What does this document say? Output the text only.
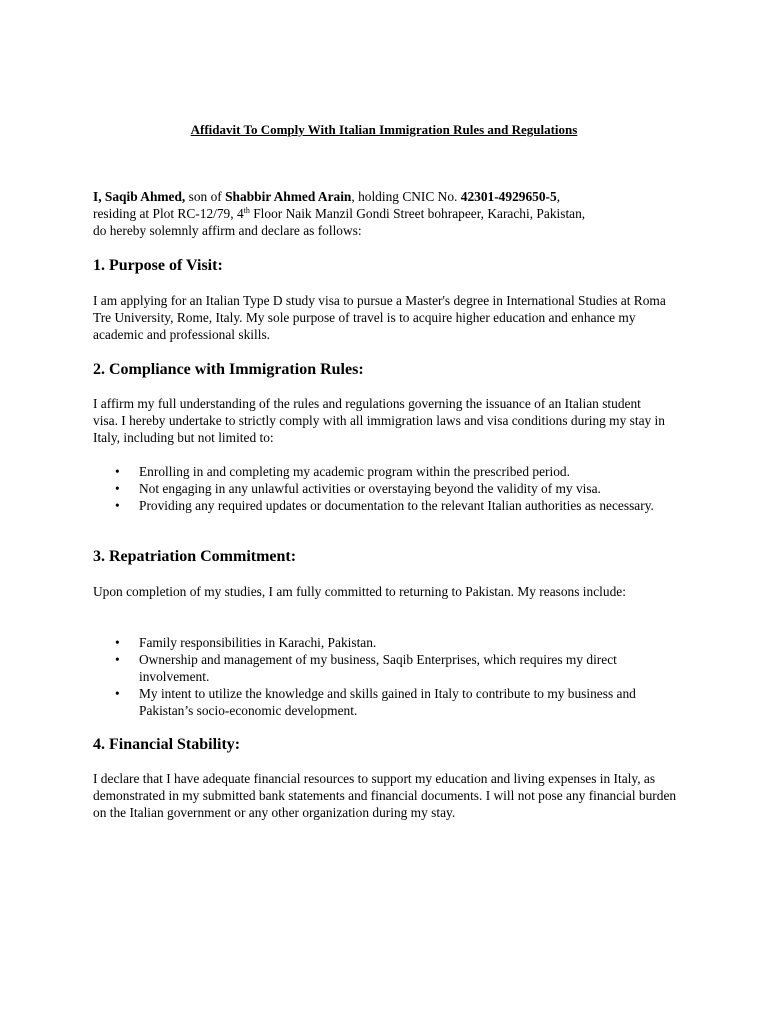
Affidavit To Comply With Italian Immigration Rules and Regulations
I, Saqib Ahmed, son of Shabbir Ahmed Arain, holding CNIC No. 42301-4929650-5,
residing at Plot RC-12/79, 4th Floor Naik Manzil Gondi Street bohrapeer, Karachi, Pakistan,
do hereby solemnly affirm and declare as follows:
1. Purpose of Visit:

I am applying for an Italian Type D study visa to pursue a Master's degree in International Studies at Roma Tre University, Rome, Italy. My sole purpose of travel is to acquire higher education and enhance my academic and professional skills.

2. Compliance with Immigration Rules:

I affirm my full understanding of the rules and regulations governing the issuance of an Italian student visa. I hereby undertake to strictly comply with all immigration laws and visa conditions during my stay in Italy, including but not limited to:

• Enrolling in and completing my academic program within the prescribed period.
• Not engaging in any unlawful activities or overstaying beyond the validity of my visa.
• Providing any required updates or documentation to the relevant Italian authorities as necessary.
3. Repatriation Commitment:

Upon completion of my studies, I am fully committed to returning to Pakistan. My reasons include:

• Family responsibilities in Karachi, Pakistan.
• Ownership and management of my business, Saqib Enterprises, which requires my direct involvement.
• My intent to utilize the knowledge and skills gained in Italy to contribute to my business and Pakistan’s socio-economic development.
4. Financial Stability:

I declare that I have adequate financial resources to support my education and living expenses in Italy, as demonstrated in my submitted bank statements and financial documents. I will not pose any financial burden on the Italian government or any other organization during my stay.
